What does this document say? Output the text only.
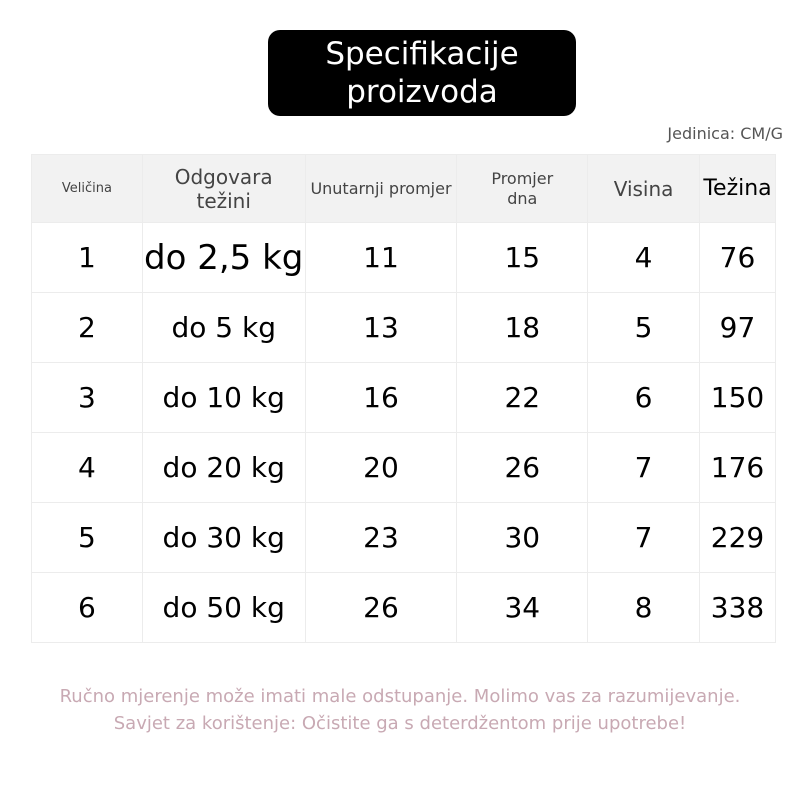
Specifikacije
proizvoda
Jedinica: CM/G
Veličina	Odgovara težini	Unutarnji promjer	Promjer dna	Visina	Težina
1	do 2,5 kg	11	15	4	76
2	do 5 kg	13	18	5	97
3	do 10 kg	16	22	6	150
4	do 20 kg	20	26	7	176
5	do 30 kg	23	30	7	229
6	do 50 kg	26	34	8	338
Ručno mjerenje može imati male odstupanje. Molimo vas za razumijevanje.
Savjet za korištenje: Očistite ga s deterdžentom prije upotrebe!
